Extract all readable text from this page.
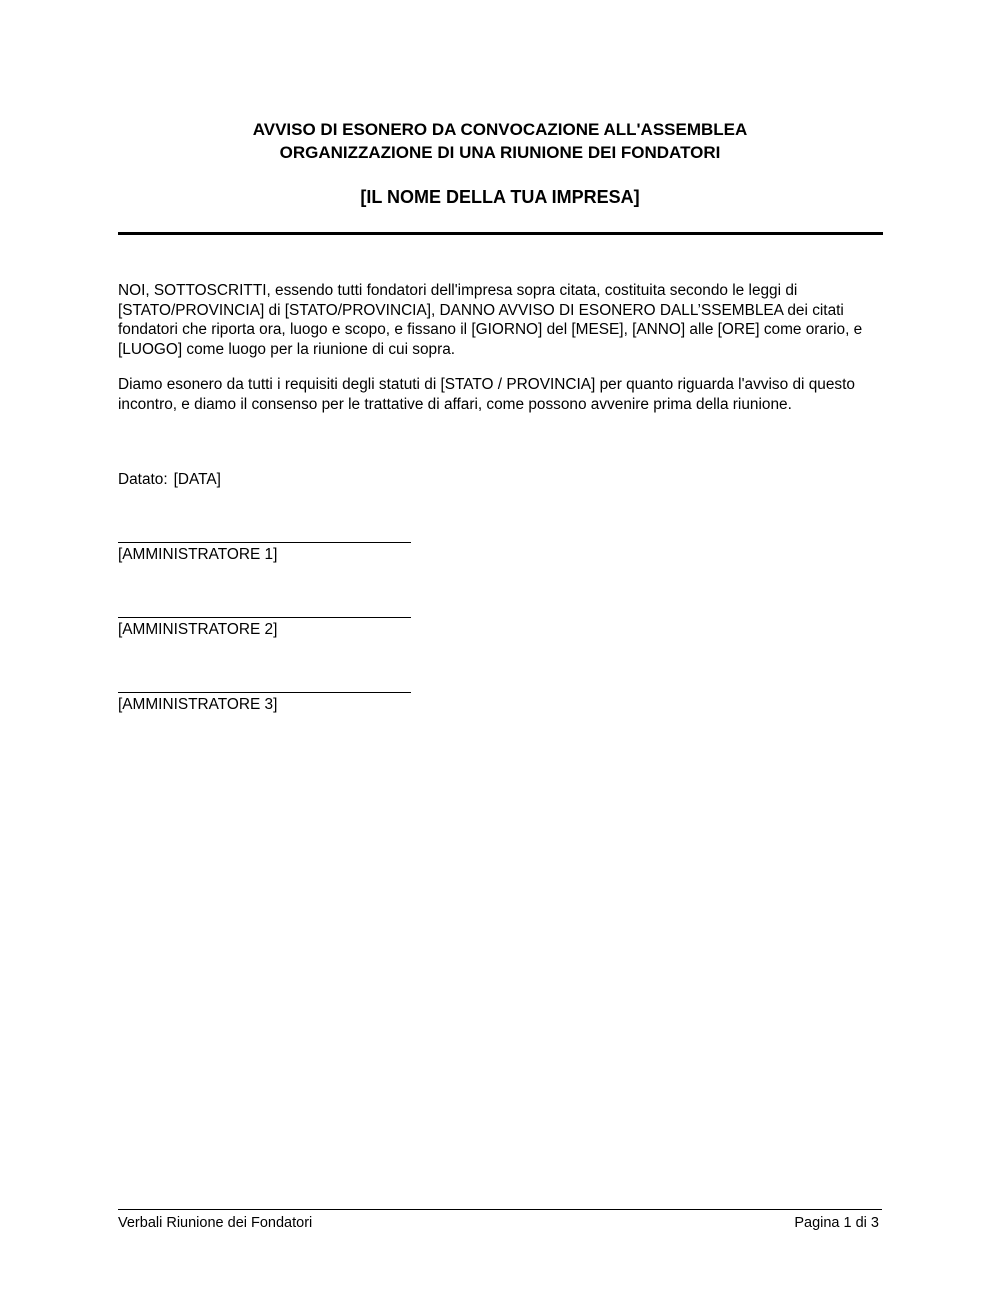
AVVISO DI ESONERO DA CONVOCAZIONE ALL'ASSEMBLEA

ORGANIZZAZIONE DI UNA RIUNIONE DEI FONDATORI

[IL NOME DELLA TUA IMPRESA]

NOI, SOTTOSCRITTI, essendo tutti fondatori dell'impresa sopra citata, costituita secondo le leggi di [STATO/PROVINCIA] di [STATO/PROVINCIA], DANNO AVVISO DI ESONERO DALL’SSEMBLEA dei citati fondatori che riporta ora, luogo e scopo, e fissano il [GIORNO] del [MESE], [ANNO] alle [ORE] come orario, e [LUOGO] come luogo per la riunione di cui sopra.

Diamo esonero da tutti i requisiti degli statuti di [STATO / PROVINCIA] per quanto riguarda l'avviso di questo incontro, e diamo il consenso per le trattative di affari, come possono avvenire prima della riunione.

Datato: [DATA]

[AMMINISTRATORE 1]

[AMMINISTRATORE 2]

[AMMINISTRATORE 3]

Verbali Riunione dei Fondatori	Pagina 1 di 3
